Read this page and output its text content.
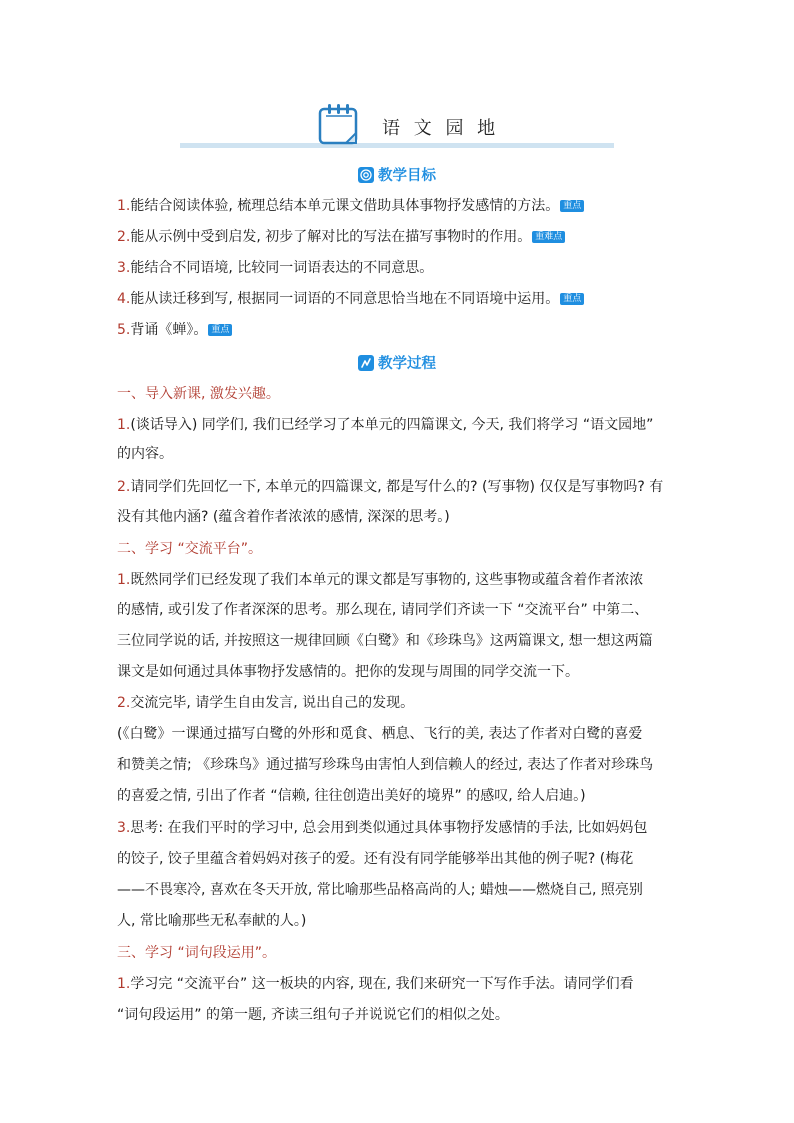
语 文 园 地
教学目标
1.能结合阅读体验, 梳理总结本单元课文借助具体事物抒发感情的方法。 重点
2.能从示例中受到启发, 初步了解对比的写法在描写事物时的作用。 重难点
3.能结合不同语境, 比较同一词语表达的不同意思。
4.能从读迁移到写, 根据同一词语的不同意思恰当地在不同语境中运用。 重点
5.背诵《蝉》。 重点
教学过程
一、导入新课, 激发兴趣。
1.(谈话导入) 同学们, 我们已经学习了本单元的四篇课文, 今天, 我们将学习 “语文园地”
的内容。
2.请同学们先回忆一下, 本单元的四篇课文, 都是写什么的? (写事物) 仅仅是写事物吗? 有
没有其他内涵? (蕴含着作者浓浓的感情, 深深的思考。)
二、学习 “交流平台”。
1.既然同学们已经发现了我们本单元的课文都是写事物的, 这些事物或蕴含着作者浓浓
的感情, 或引发了作者深深的思考。那么现在, 请同学们齐读一下 “交流平台” 中第二、
三位同学说的话, 并按照这一规律回顾《白鹭》和《珍珠鸟》这两篇课文, 想一想这两篇
课文是如何通过具体事物抒发感情的。把你的发现与周围的同学交流一下。
2.交流完毕, 请学生自由发言, 说出自己的发现。
(《白鹭》一课通过描写白鹭的外形和觅食、栖息、飞行的美, 表达了作者对白鹭的喜爱
和赞美之情; 《珍珠鸟》通过描写珍珠鸟由害怕人到信赖人的经过, 表达了作者对珍珠鸟
的喜爱之情, 引出了作者 “信赖, 往往创造出美好的境界” 的感叹, 给人启迪。)
3.思考: 在我们平时的学习中, 总会用到类似通过具体事物抒发感情的手法, 比如妈妈包
的饺子, 饺子里蕴含着妈妈对孩子的爱。还有没有同学能够举出其他的例子呢? (梅花
——不畏寒冷, 喜欢在冬天开放, 常比喻那些品格高尚的人; 蜡烛——燃烧自己, 照亮别
人, 常比喻那些无私奉献的人。)
三、学习 “词句段运用”。
1.学习完 “交流平台” 这一板块的内容, 现在, 我们来研究一下写作手法。请同学们看
“词句段运用” 的第一题, 齐读三组句子并说说它们的相似之处。
